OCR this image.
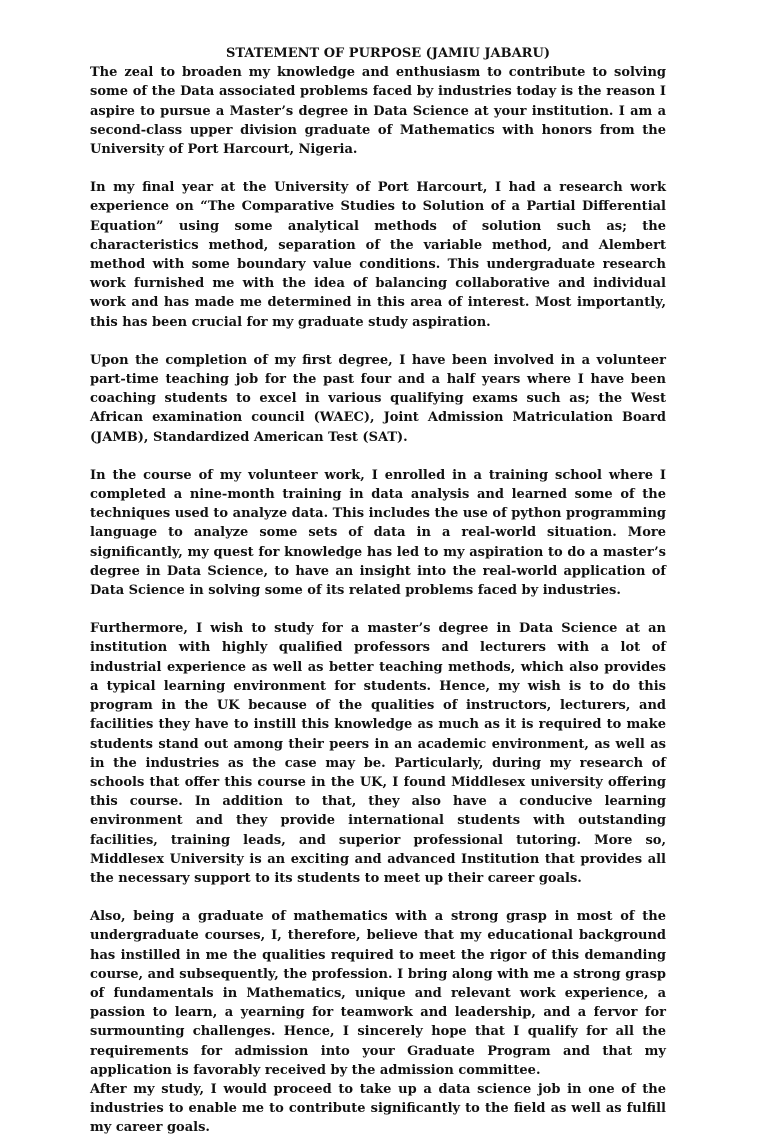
STATEMENT OF PURPOSE (JAMIU JABARU)

The zeal to broaden my knowledge and enthusiasm to contribute to solving some of the Data associated problems faced by industries today is the reason I aspire to pursue a Master’s degree in Data Science at your institution. I am a second-class upper division graduate of Mathematics with honors from the University of Port Harcourt, Nigeria.

In my final year at the University of Port Harcourt, I had a research work experience on “The Comparative Studies to Solution of a Partial Differential Equation” using some analytical methods of solution such as; the characteristics method, separation of the variable method, and Alembert method with some boundary value conditions. This undergraduate research work furnished me with the idea of balancing collaborative and individual work and has made me determined in this area of interest. Most importantly, this has been crucial for my graduate study aspiration.

Upon the completion of my first degree, I have been involved in a volunteer part-time teaching job for the past four and a half years where I have been coaching students to excel in various qualifying exams such as; the West African examination council (WAEC), Joint Admission Matriculation Board (JAMB), Standardized American Test (SAT).

In the course of my volunteer work, I enrolled in a training school where I completed a nine-month training in data analysis and learned some of the techniques used to analyze data. This includes the use of python programming language to analyze some sets of data in a real-world situation. More significantly, my quest for knowledge has led to my aspiration to do a master’s degree in Data Science, to have an insight into the real-world application of Data Science in solving some of its related problems faced by industries.

Furthermore, I wish to study for a master’s degree in Data Science at an institution with highly qualified professors and lecturers with a lot of industrial experience as well as better teaching methods, which also provides a typical learning environment for students. Hence, my wish is to do this program in the UK because of the qualities of instructors, lecturers, and facilities they have to instill this knowledge as much as it is required to make students stand out among their peers in an academic environment, as well as in the industries as the case may be. Particularly, during my research of schools that offer this course in the UK, I found Middlesex university offering this course. In addition to that, they also have a conducive learning environment and they provide international students with outstanding facilities, training leads, and superior professional tutoring. More so, Middlesex University is an exciting and advanced Institution that provides all the necessary support to its students to meet up their career goals.

Also, being a graduate of mathematics with a strong grasp in most of the undergraduate courses, I, therefore, believe that my educational background has instilled in me the qualities required to meet the rigor of this demanding course, and subsequently, the profession. I bring along with me a strong grasp of fundamentals in Mathematics, unique and relevant work experience, a passion to learn, a yearning for teamwork and leadership, and a fervor for surmounting challenges. Hence, I sincerely hope that I qualify for all the requirements for admission into your Graduate Program and that my application is favorably received by the admission committee.

After my study, I would proceed to take up a data science job in one of the industries to enable me to contribute significantly to the field as well as fulfill my career goals.
